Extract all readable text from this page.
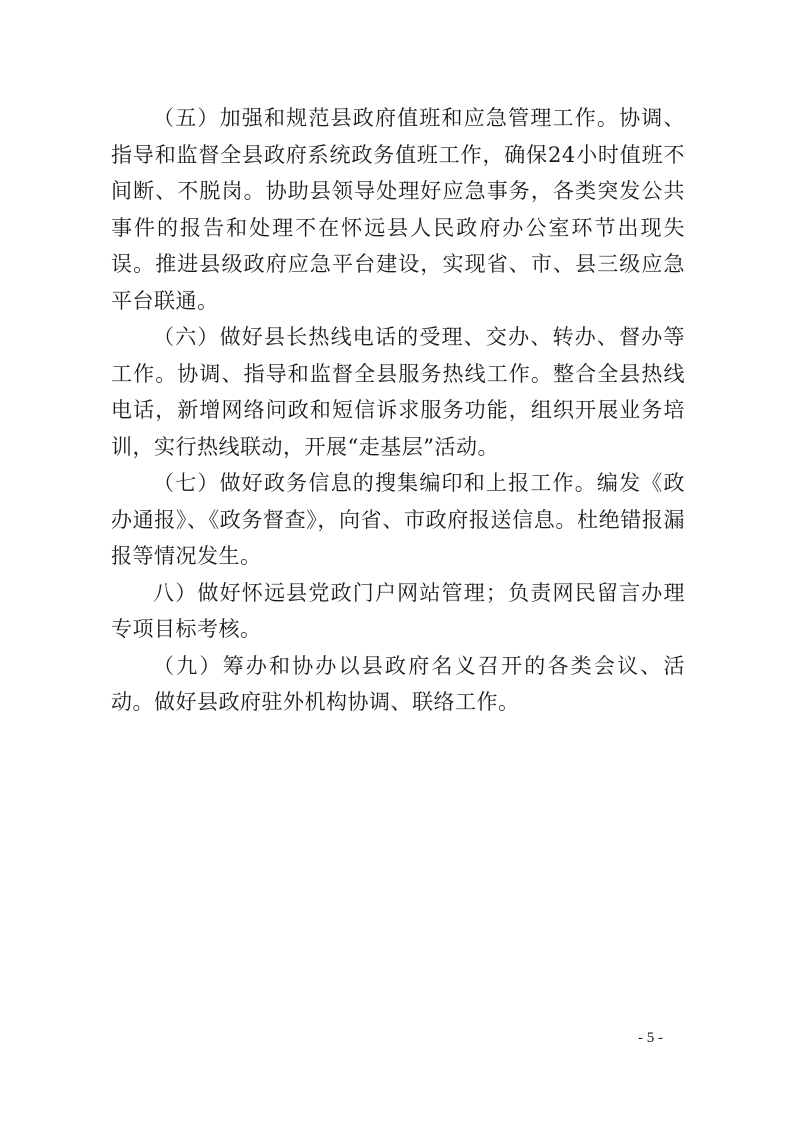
（五）加强和规范县政府值班和应急管理工作。协调、指导和监督全县政府系统政务值班工作，确保24小时值班不间断、不脱岗。协助县领导处理好应急事务，各类突发公共事件的报告和处理不在怀远县人民政府办公室环节出现失误。推进县级政府应急平台建设，实现省、市、县三级应急平台联通。

（六）做好县长热线电话的受理、交办、转办、督办等工作。协调、指导和监督全县服务热线工作。整合全县热线电话，新增网络问政和短信诉求服务功能，组织开展业务培训，实行热线联动，开展“走基层”活动。

（七）做好政务信息的搜集编印和上报工作。编发《政办通报》、《政务督查》，向省、市政府报送信息。杜绝错报漏报等情况发生。

八）做好怀远县党政门户网站管理；负责网民留言办理专项目标考核。

（九）筹办和协办以县政府名义召开的各类会议、活动。做好县政府驻外机构协调、联络工作。

- 5 -
